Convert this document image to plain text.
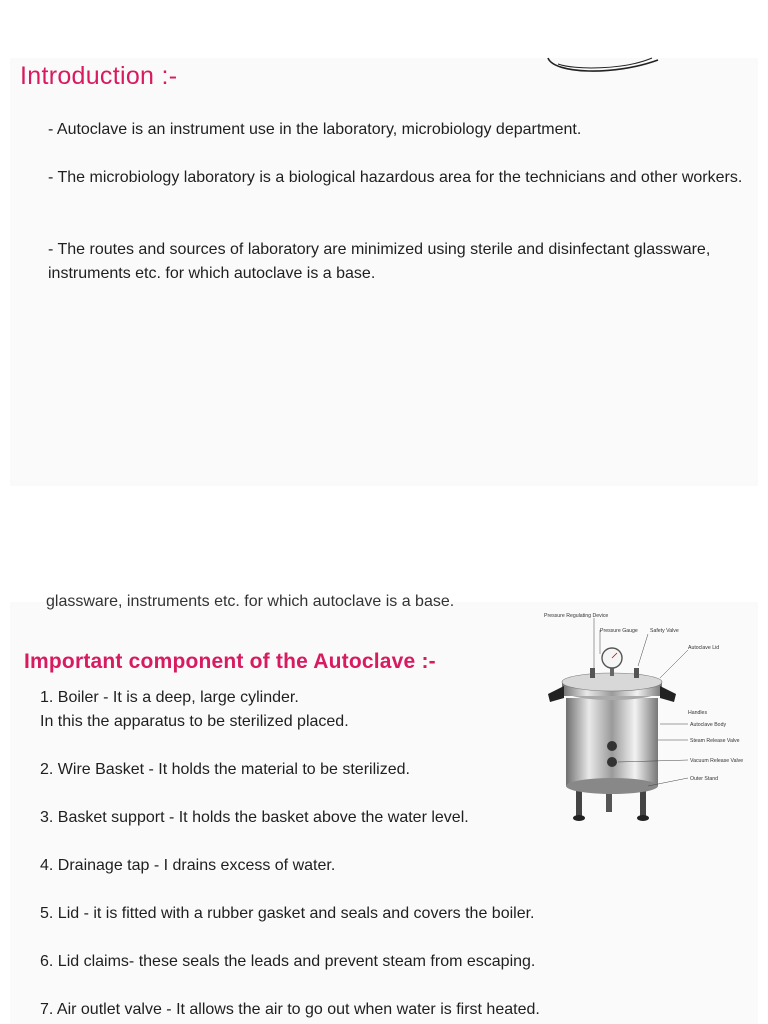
Introduction :-

- Autoclave is an instrument use in the laboratory, microbiology department.

- The microbiology laboratory is a biological hazardous area for the technicians and other workers.

- The routes and sources of laboratory are minimized using sterile and disinfectant glassware, instruments etc. for which autoclave is a base.

glassware, instruments etc. for which autoclave is a base.

Important component of the Autoclave :-

1. Boiler - It is a deep, large cylinder.
In this the apparatus to be sterilized placed.

2. Wire Basket - It holds the material to be sterilized.

3. Basket support - It holds the basket above the water level.

4. Drainage tap - I drains excess of water.

5. Lid - it is fitted with a rubber gasket and seals and covers the boiler.

6. Lid claims- these seals the leads and prevent steam from escaping.

7. Air outlet valve - It allows the air to go out when water is first heated.

Pressure Regulating Device
Pressure Gauge Safety Valve
Autoclave Lid
Handles
Autoclave Body
Steam Release Valve
Vacuum Release Valve
Outer Stand
